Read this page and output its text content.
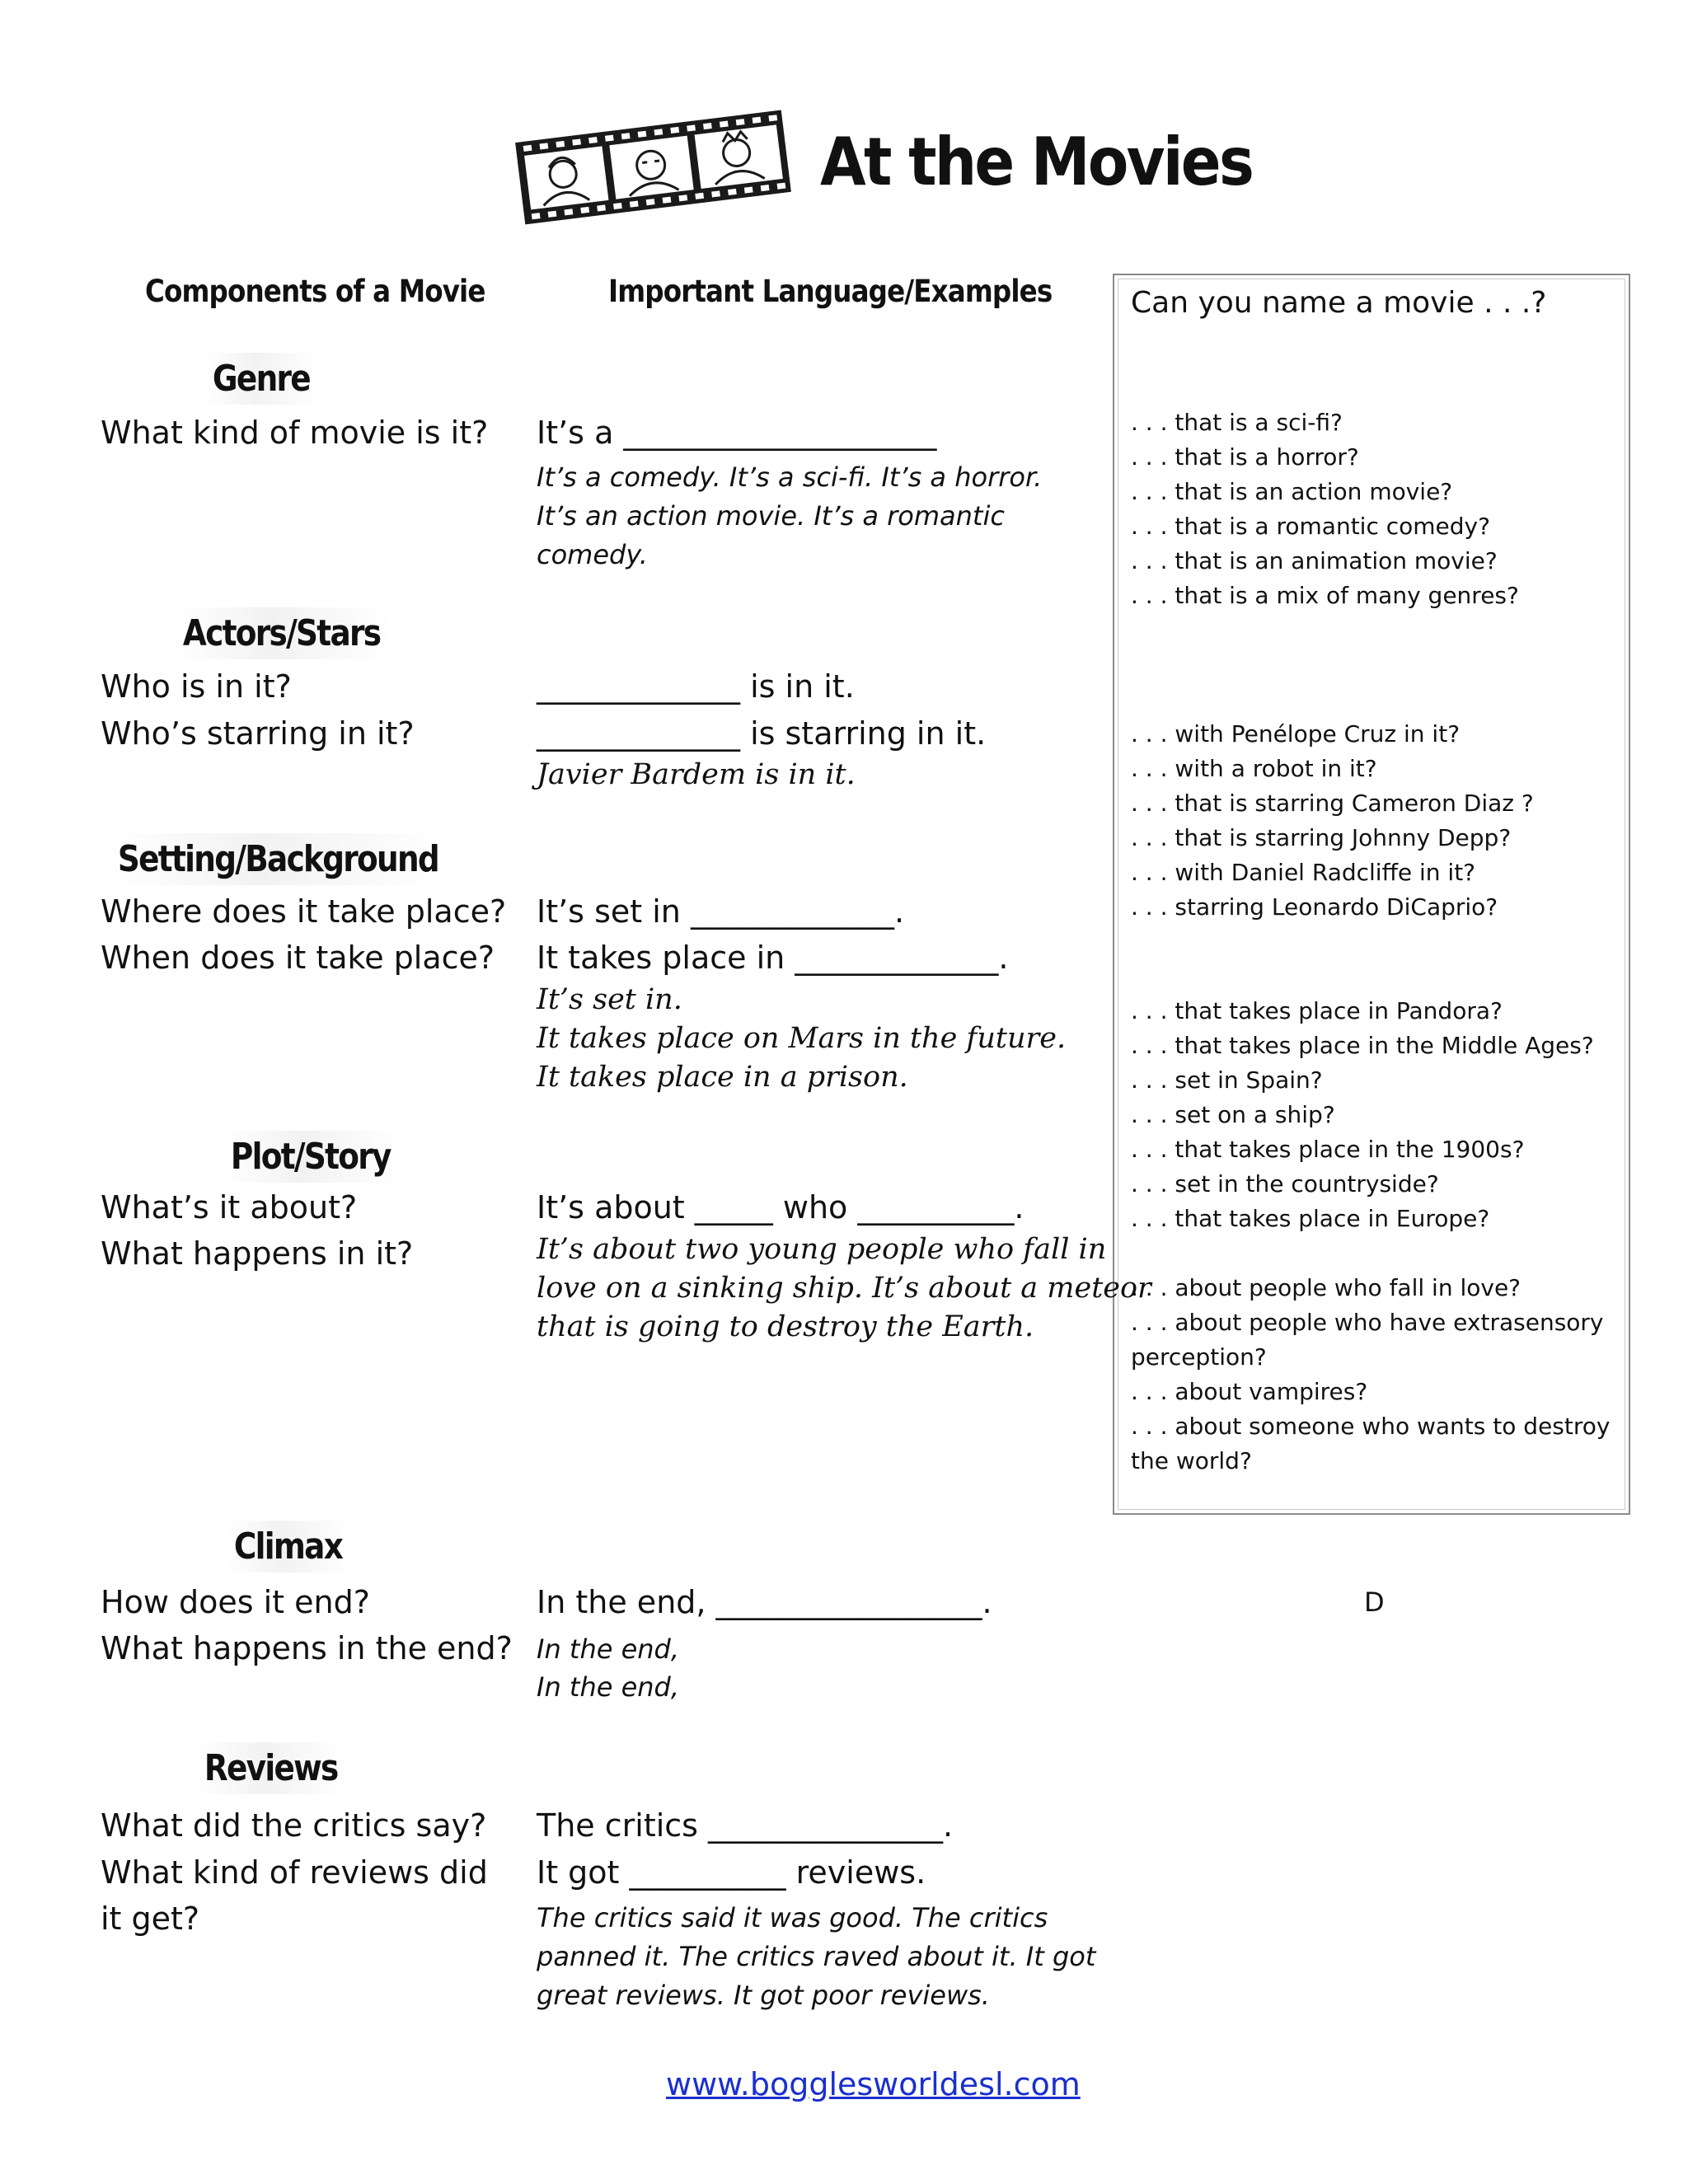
At the Movies
Components of a Movie	Important Language/Examples	Can you name a movie . . .?
. . . that is a sci-fi?
. . . that is a horror?
. . . that is an action movie?
. . . that is a romantic comedy?
. . . that is an animation movie?
. . . that is a mix of many genres?
. . . with Penélope Cruz in it?
. . . with a robot in it?
. . . that is starring Cameron Diaz ?
. . . that is starring Johnny Depp?
. . . with Daniel Radcliffe in it?
. . . starring Leonardo DiCaprio?
. . . that takes place in Pandora?
. . . that takes place in the Middle Ages?
. . . set in Spain?
. . . set on a ship?
. . . that takes place in the 1900s?
. . . set in the countryside?
. . . that takes place in Europe?
. . . about people who fall in love?
. . . about people who have extrasensory
perception?
. . . about vampires?
. . . about someone who wants to destroy
the world?
Genre
What kind of movie is it? It’s a ____________________
It’s a comedy. It’s a sci-fi. It’s a horror.
It’s an action movie. It’s a romantic
comedy.
Actors/Stars
Who is in it?
Who’s starring in it?
_____________ is in it.
_____________ is starring in it.
Javier Bardem is in it.
Setting/Background
Where does it take place?
When does it take place?
It’s set in _____________.
It takes place in _____________.
It’s set in.
It takes place on Mars in the future.
It takes place in a prison.
Plot/Story
What’s it about?
What happens in it?
It’s about _____ who __________.
It’s about two young people who fall in
love on a sinking ship. It’s about a meteor
that is going to destroy the Earth.
Climax
How does it end?
What happens in the end?
In the end, _________________.
In the end,
In the end,
Reviews
What did the critics say?
What kind of reviews did
it get?
The critics _______________.
It got __________ reviews.
The critics said it was good. The critics
panned it. The critics raved about it. It got
great reviews. It got poor reviews.
D
www.bogglesworldesl.com
